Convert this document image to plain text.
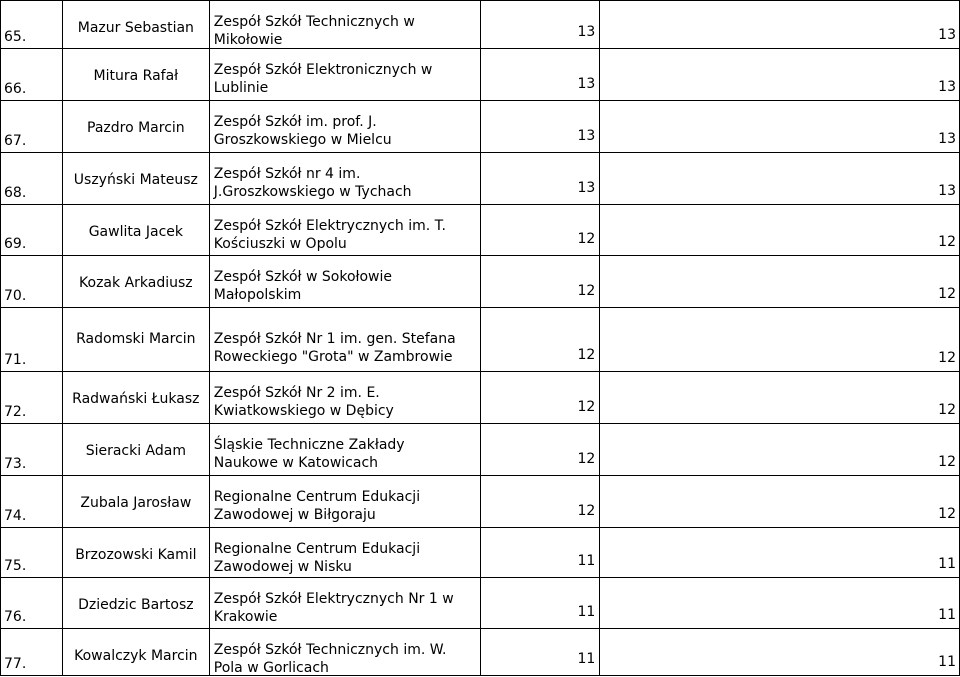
65.	Mazur Sebastian	Zespół Szkół Technicznych w
Mikołowie	13	13

66.	Mitura Rafał	Zespół Szkół Elektronicznych w
Lublinie	13	13

67.	Pazdro Marcin	Zespół Szkół im. prof. J.
Groszkowskiego w Mielcu	13	13

68.	Uszyński Mateusz	Zespół Szkół nr 4 im.
J.Groszkowskiego w Tychach	13	13

69.	Gawlita Jacek	Zespół Szkół Elektrycznych im. T.
Kościuszki w Opolu	12	12

70.	Kozak Arkadiusz	Zespół Szkół w Sokołowie
Małopolskim	12	12

71.	Radomski Marcin	Zespół Szkół Nr 1 im. gen. Stefana
Roweckiego "Grota" w Zambrowie	12	12

72.	Radwański Łukasz	Zespół Szkół Nr 2 im. E.
Kwiatkowskiego w Dębicy	12	12

73.	Sieracki Adam	Śląskie Techniczne Zakłady
Naukowe w Katowicach	12	12

74.	Zubala Jarosław	Regionalne Centrum Edukacji
Zawodowej w Biłgoraju	12	12

75.	Brzozowski Kamil	Regionalne Centrum Edukacji
Zawodowej w Nisku	11	11

76.	Dziedzic Bartosz	Zespół Szkół Elektrycznych Nr 1 w
Krakowie	11	11

77.	Kowalczyk Marcin	Zespół Szkół Technicznych im. W.
Pola w Gorlicach	11	11
